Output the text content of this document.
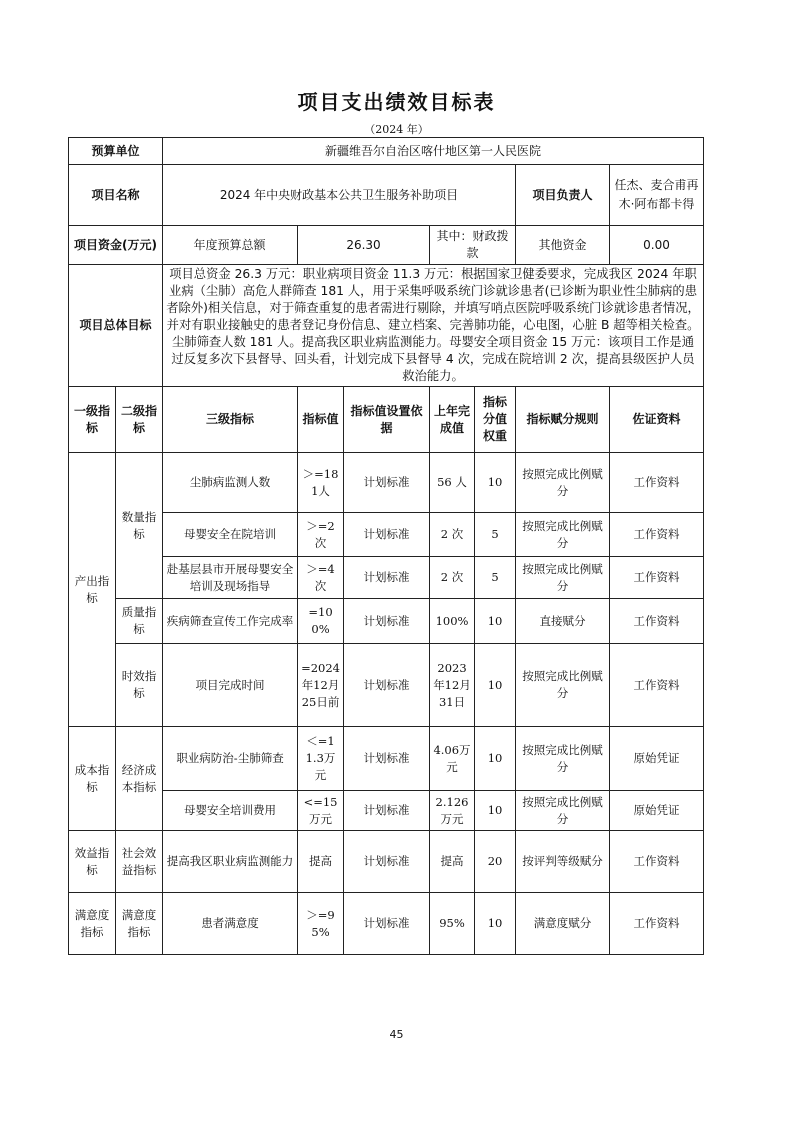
项目支出绩效目标表
（2024 年）
预算单位		新疆维吾尔自治区喀什地区第一人民医院						
项目名称		2024 年中央财政基本公共卫生服务补助项目					项目负责人	任杰、麦合甫再木·阿布都卡得
项目资金(万元)		年度预算总额	26.30		其中：财政拨款		其他资金	0.00
项目总体目标		项目总资金 26.3 万元：职业病项目资金 11.3 万元：根据国家卫健委要求，完成我区 2024 年职业病（尘肺）高危人群筛查 181 人，用于采集呼吸系统门诊就诊患者(已诊断为职业性尘肺病的患者除外)相关信息，对于筛查重复的患者需进行剔除，并填写哨点医院呼吸系统门诊就诊患者情况，并对有职业接触史的患者登记身份信息、建立档案、完善肺功能，心电图，心脏 B 超等相关检查。尘肺筛查人数 181 人。提高我区职业病监测能力。母婴安全项目资金 15 万元：该项目工作是通过反复多次下县督导、回头看，计划完成下县督导 4 次，完成在院培训 2 次，提高县级医护人员救治能力。						
一级指标	二级指标	三级指标	指标值	指标值设置依据	上年完成值	指标分值权重	指标赋分规则	佐证资料
产出指标	数量指标	尘肺病监测人数	＞=181人	计划标准	56 人	10	按照完成比例赋分	工作资料
		母婴安全在院培训	＞=2次	计划标准	2 次	5	按照完成比例赋分	工作资料
		赴基层县市开展母婴安全培训及现场指导	＞=4次	计划标准	2 次	5	按照完成比例赋分	工作资料
	质量指标	疾病筛查宣传工作完成率	=100%	计划标准	100%	10	直接赋分	工作资料
	时效指标	项目完成时间	=2024年12月25日前	计划标准	2023年12月31日	10	按照完成比例赋分	工作资料
成本指标	经济成本指标	职业病防治-尘肺筛查	＜=11.3万元	计划标准	4.06万元	10	按照完成比例赋分	原始凭证
		母婴安全培训费用	<=15万元	计划标准	2.126万元	10	按照完成比例赋分	原始凭证
效益指标	社会效益指标	提高我区职业病监测能力	提高	计划标准	提高	20	按评判等级赋分	工作资料
满意度指标	满意度指标	患者满意度	＞=95%	计划标准	95%	10	满意度赋分	工作资料
45
